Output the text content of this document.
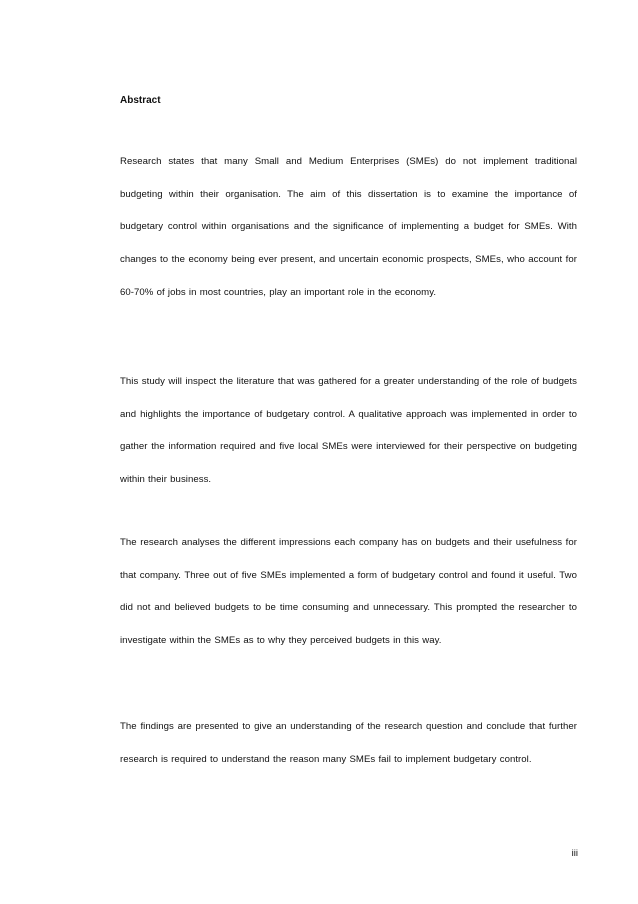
Abstract

Research states that many Small and Medium Enterprises (SMEs) do not implement traditional budgeting within their organisation. The aim of this dissertation is to examine the importance of budgetary control within organisations and the significance of implementing a budget for SMEs. With changes to the economy being ever present, and uncertain economic prospects, SMEs, who account for 60-70% of jobs in most countries, play an important role in the economy.

This study will inspect the literature that was gathered for a greater understanding of the role of budgets and highlights the importance of budgetary control. A qualitative approach was implemented in order to gather the information required and five local SMEs were interviewed for their perspective on budgeting within their business.

The research analyses the different impressions each company has on budgets and their usefulness for that company. Three out of five SMEs implemented a form of budgetary control and found it useful. Two did not and believed budgets to be time consuming and unnecessary. This prompted the researcher to investigate within the SMEs as to why they perceived budgets in this way.

The findings are presented to give an understanding of the research question and conclude that further research is required to understand the reason many SMEs fail to implement budgetary control.

iii
